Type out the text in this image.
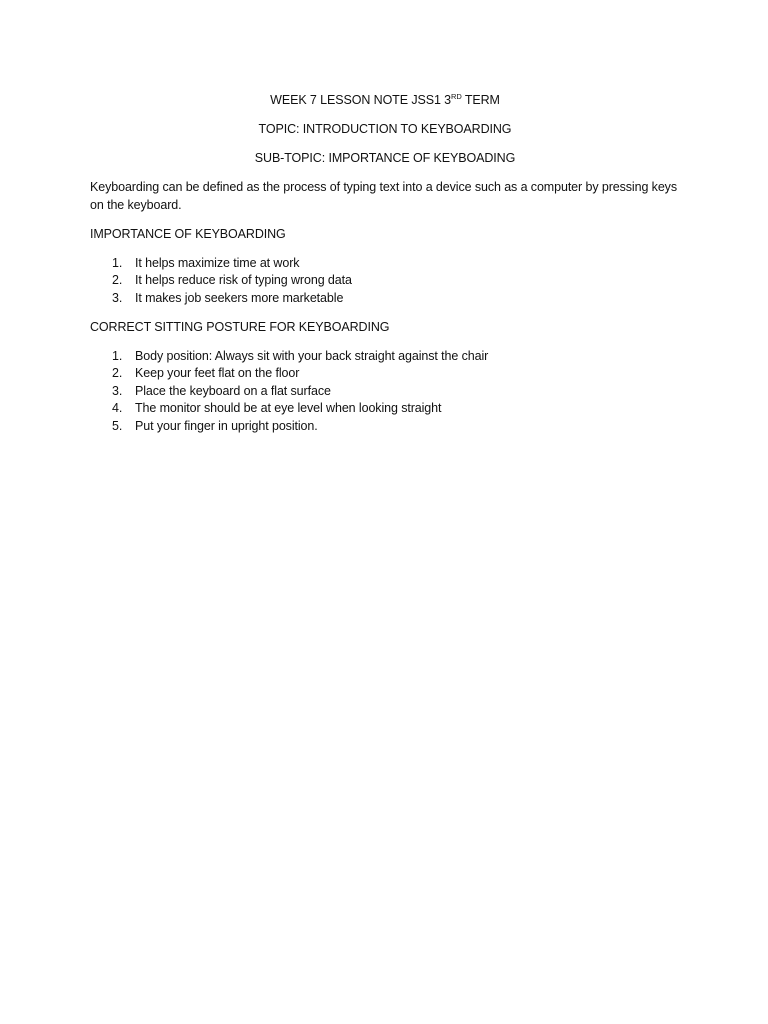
WEEK 7 LESSON NOTE JSS1 3RD TERM

TOPIC: INTRODUCTION TO KEYBOARDING

SUB-TOPIC: IMPORTANCE OF KEYBOADING

Keyboarding can be defined as the process of typing text into a device such as a computer by pressing keys on the keyboard.

IMPORTANCE OF KEYBOARDING

1. It helps maximize time at work
2. It helps reduce risk of typing wrong data
3. It makes job seekers more marketable

CORRECT SITTING POSTURE FOR KEYBOARDING

1. Body position: Always sit with your back straight against the chair
2. Keep your feet flat on the floor
3. Place the keyboard on a flat surface
4. The monitor should be at eye level when looking straight
5. Put your finger in upright position.
